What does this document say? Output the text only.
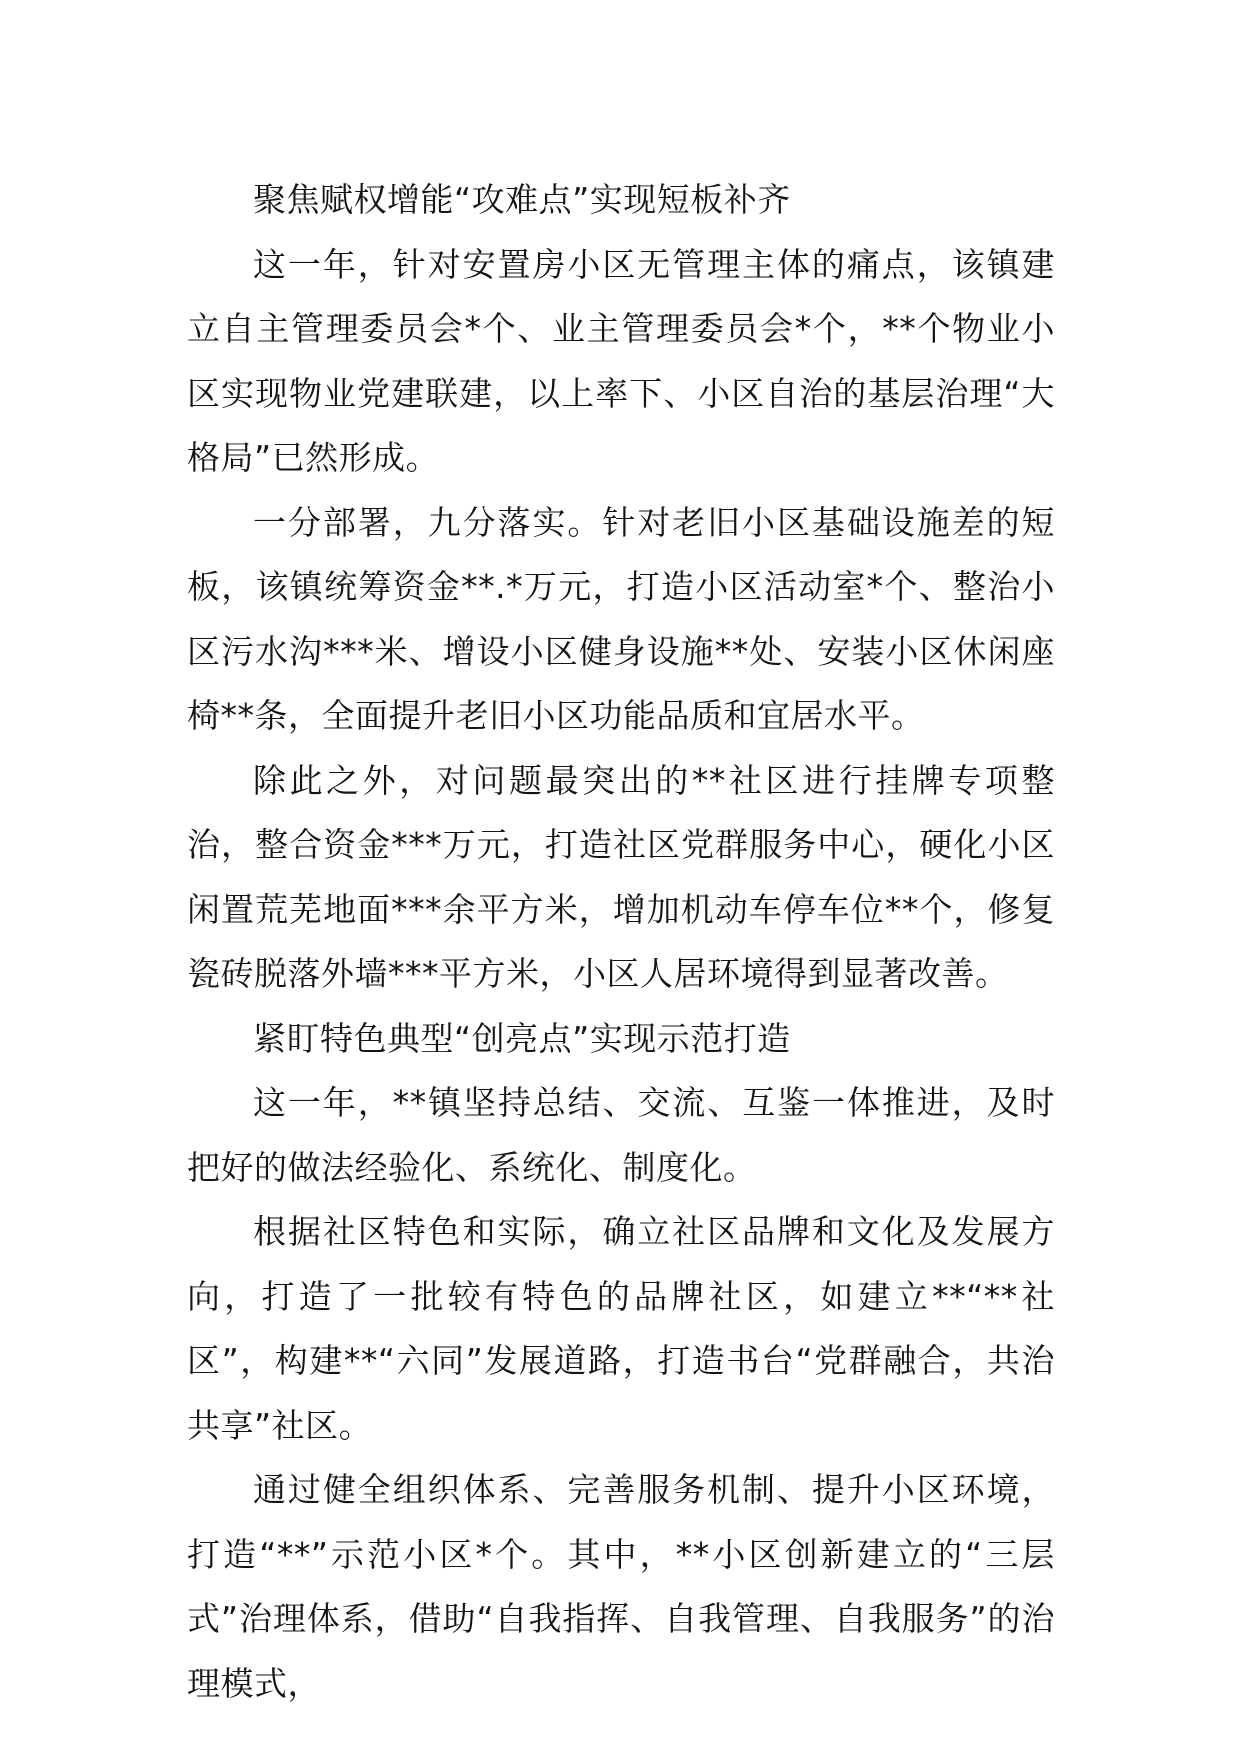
聚焦赋权增能“攻难点”实现短板补齐

这一年，针对安置房小区无管理主体的痛点，该镇建立自主管理委员会*个、业主管理委员会*个，**个物业小区实现物业党建联建，以上率下、小区自治的基层治理“大格局”已然形成。

一分部署，九分落实。针对老旧小区基础设施差的短板，该镇统筹资金**.*万元，打造小区活动室*个、整治小区污水沟***米、增设小区健身设施**处、安装小区休闲座椅**条，全面提升老旧小区功能品质和宜居水平。

除此之外，对问题最突出的**社区进行挂牌专项整治，整合资金***万元，打造社区党群服务中心，硬化小区闲置荒芜地面***余平方米，增加机动车停车位**个，修复瓷砖脱落外墙***平方米，小区人居环境得到显著改善。

紧盯特色典型“创亮点”实现示范打造

这一年，**镇坚持总结、交流、互鉴一体推进，及时把好的做法经验化、系统化、制度化。

根据社区特色和实际，确立社区品牌和文化及发展方向，打造了一批较有特色的品牌社区，如建立**“**社区”，构建**“六同”发展道路，打造书台“党群融合，共治共享”社区。

通过健全组织体系、完善服务机制、提升小区环境，打造“**”示范小区*个。其中，**小区创新建立的“三层式”治理体系，借助“自我指挥、自我管理、自我服务”的治理模式，
